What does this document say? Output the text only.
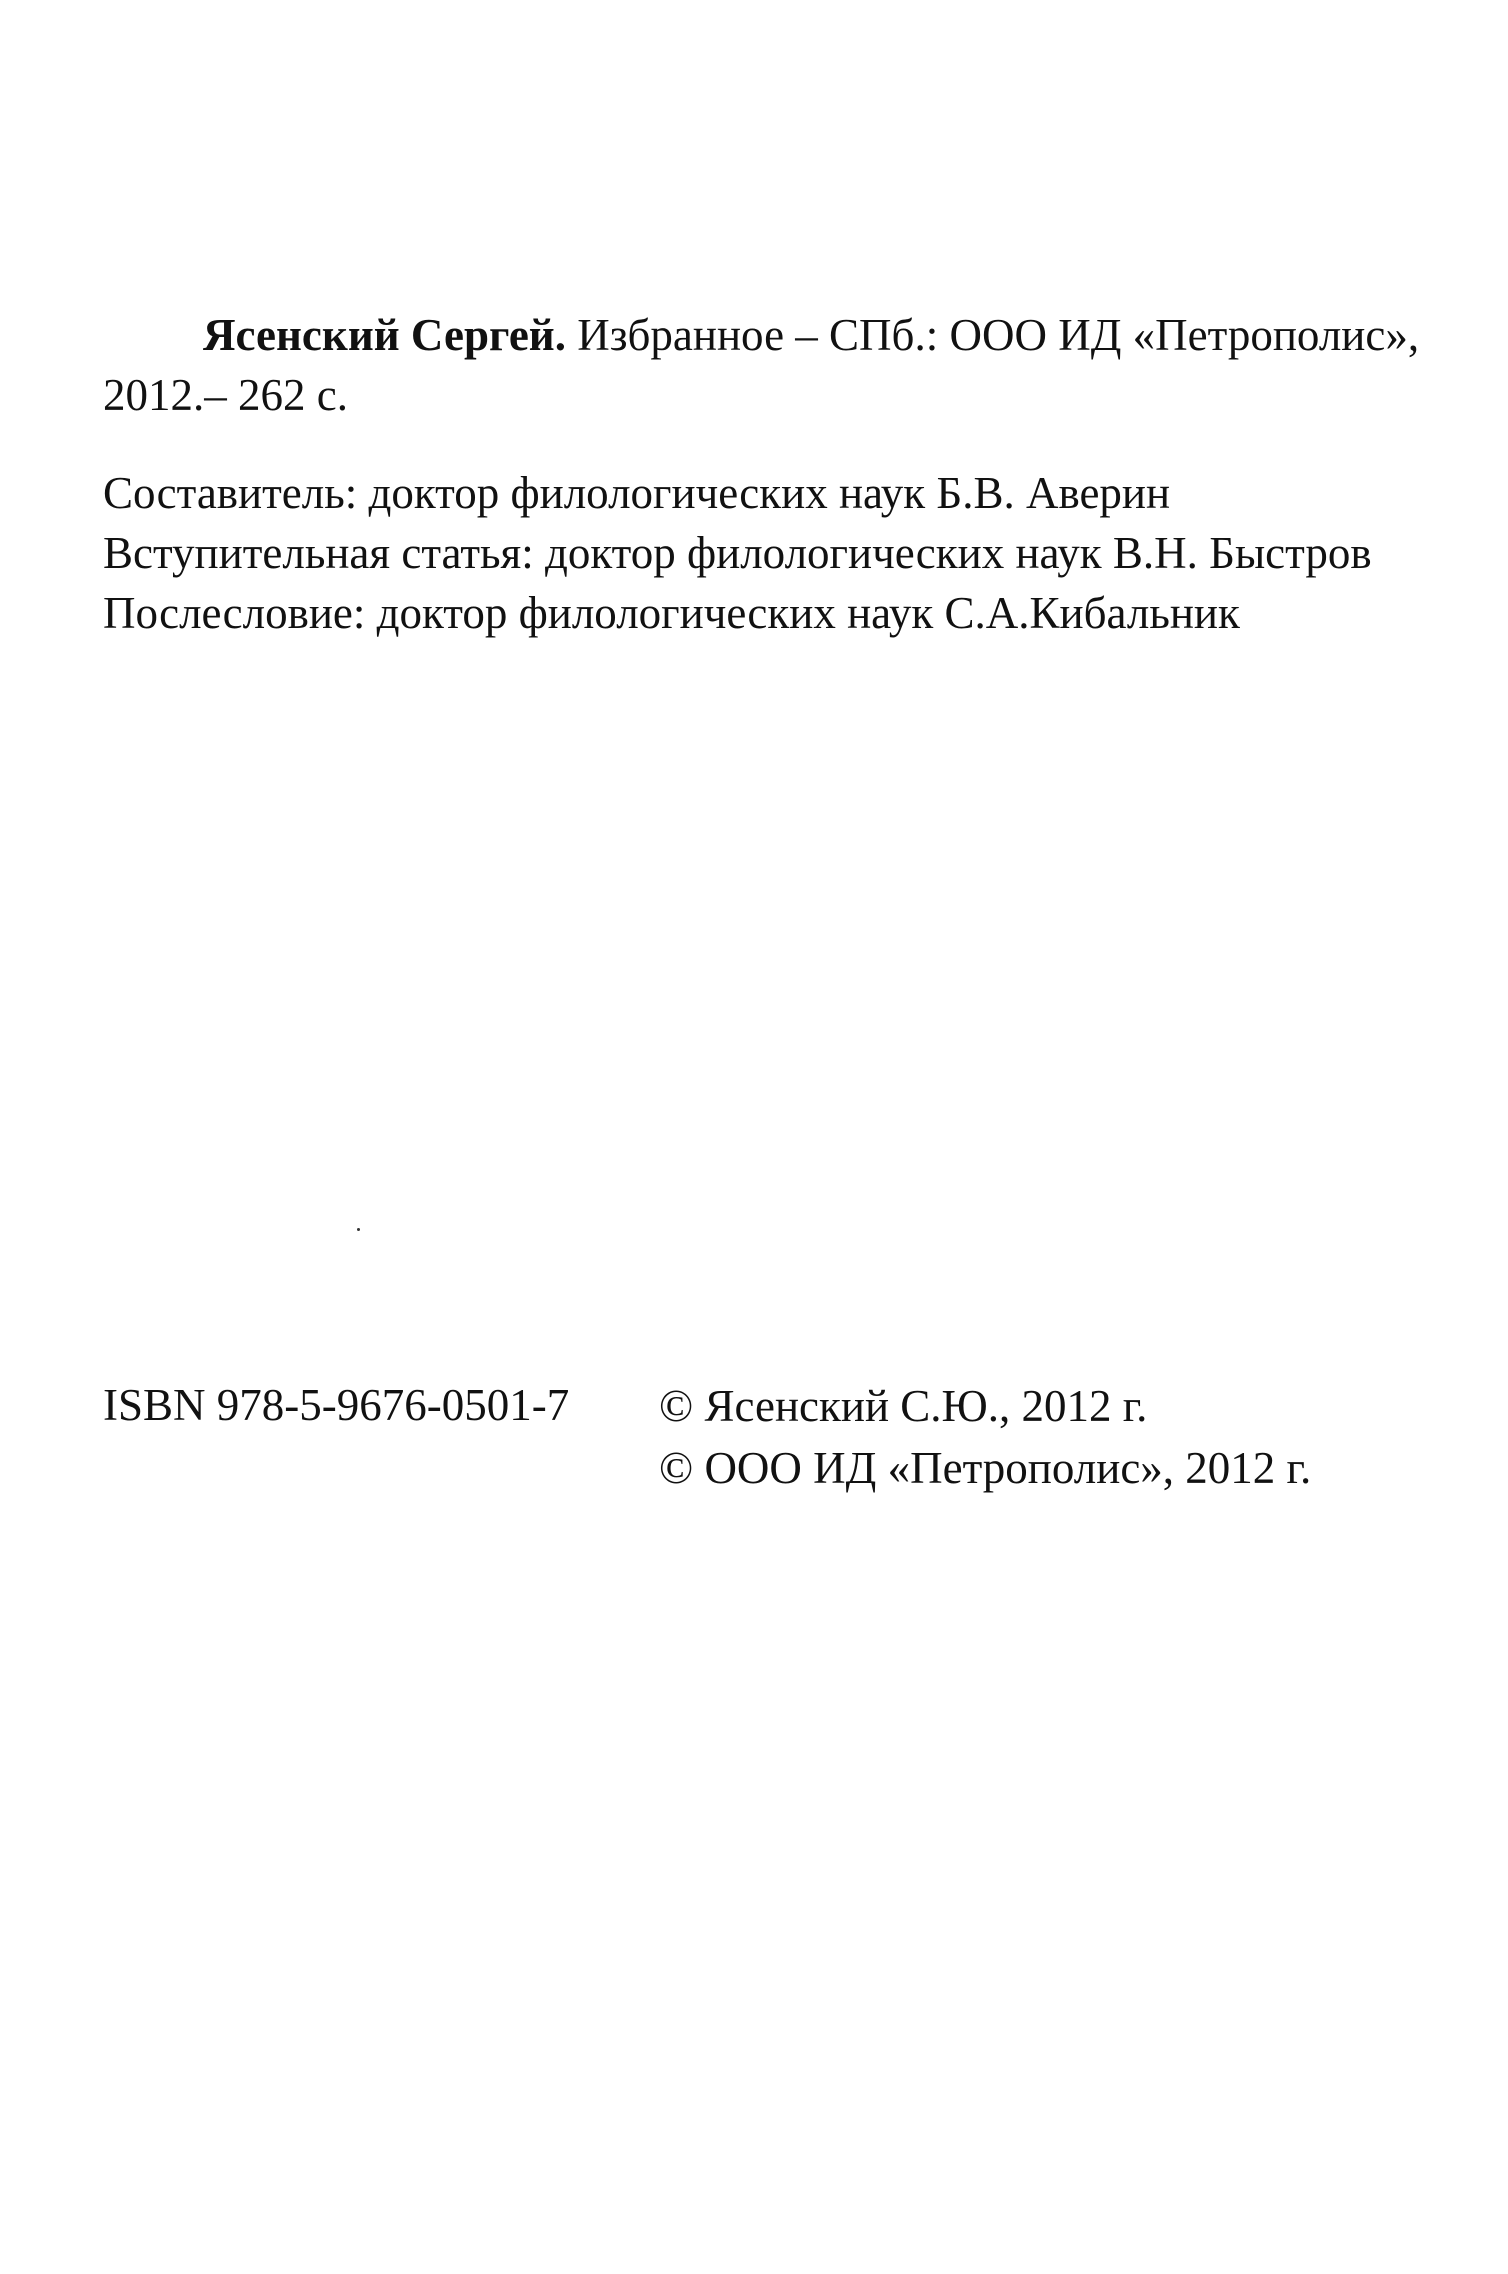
Ясенский Сергей. Избранное – СПб.: ООО ИД «Петрополис»,
2012.– 262 с.
Составитель: доктор филологических наук Б.В. Аверин
Вступительная статья: доктор филологических наук В.Н. Быстров
Послесловие: доктор филологических наук С.А.Кибальник
ISBN 978-5-9676-0501-7 © Ясенский С.Ю., 2012 г.
© ООО ИД «Петрополис», 2012 г.
